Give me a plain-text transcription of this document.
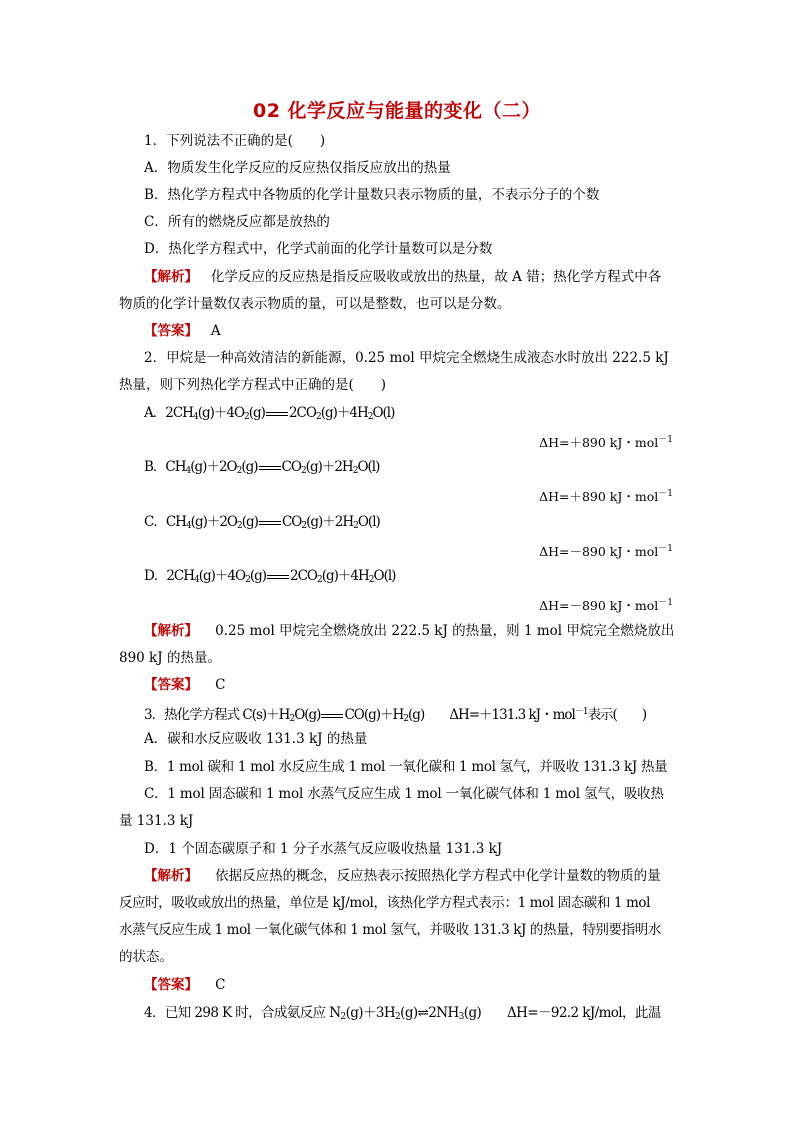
02 化学反应与能量的变化（二）
1．下列说法不正确的是(　　)
A．物质发生化学反应的反应热仅指反应放出的热量
B．热化学方程式中各物质的化学计量数只表示物质的量，不表示分子的个数
C．所有的燃烧反应都是放热的
D．热化学方程式中，化学式前面的化学计量数可以是分数
【解析】 化学反应的反应热是指反应吸收或放出的热量，故 A 错；热化学方程式中各
物质的化学计量数仅表示物质的量，可以是整数，也可以是分数。
【答案】 A
2．甲烷是一种高效清洁的新能源，0.25 mol 甲烷完全燃烧生成液态水时放出 222.5 kJ
热量，则下列热化学方程式中正确的是(　　)
A．$2CH_4(g)+4O_2(g)$ $2CO_2(g)+4H_2O(l)$
ΔH=＋890 kJ・mol$^{-1}$
B．$CH_4(g)+2O_2(g)$ $CO_2(g)+2H_2O(l)$
ΔH=＋890 kJ・mol$^{-1}$
C．$CH_4(g)+2O_2(g)$ $CO_2(g)+2H_2O(l)$
ΔH=－890 kJ・mol$^{-1}$
D．$2CH_4(g)+4O_2(g)$ $2CO_2(g)+4H_2O(l)$
ΔH=－890 kJ・mol$^{-1}$
【解析】 0.25 mol 甲烷完全燃烧放出 222.5 kJ 的热量，则 1 mol 甲烷完全燃烧放出
890 kJ 的热量。
【答案】 C
3．热化学方程式 $C(s)+H_2O(g)$ $CO(g)+H_2(g)$　　ΔH=＋131.3 kJ・mol$^{-1}$表示(　　)
A．碳和水反应吸收 131.3 kJ 的热量
B．1 mol 碳和 1 mol 水反应生成 1 mol 一氧化碳和 1 mol 氢气，并吸收 131.3 kJ 热量
C．1 mol 固态碳和 1 mol 水蒸气反应生成 1 mol 一氧化碳气体和 1 mol 氢气，吸收热
量 131.3 kJ
D．1 个固态碳原子和 1 分子水蒸气反应吸收热量 131.3 kJ
【解析】 依据反应热的概念，反应热表示按照热化学方程式中化学计量数的物质的量
反应时，吸收或放出的热量，单位是 kJ/mol，该热化学方程式表示：1 mol 固态碳和 1 mol
水蒸气反应生成 1 mol 一氧化碳气体和 1 mol 氢气，并吸收 131.3 kJ 的热量，特别要指明水
的状态。
【答案】 C
4．已知 298 K 时，合成氨反应 $N_2(g)+3H_2(g)\rightleftharpoons 2NH_3(g)$　　ΔH=－92.2 kJ/mol，此温
